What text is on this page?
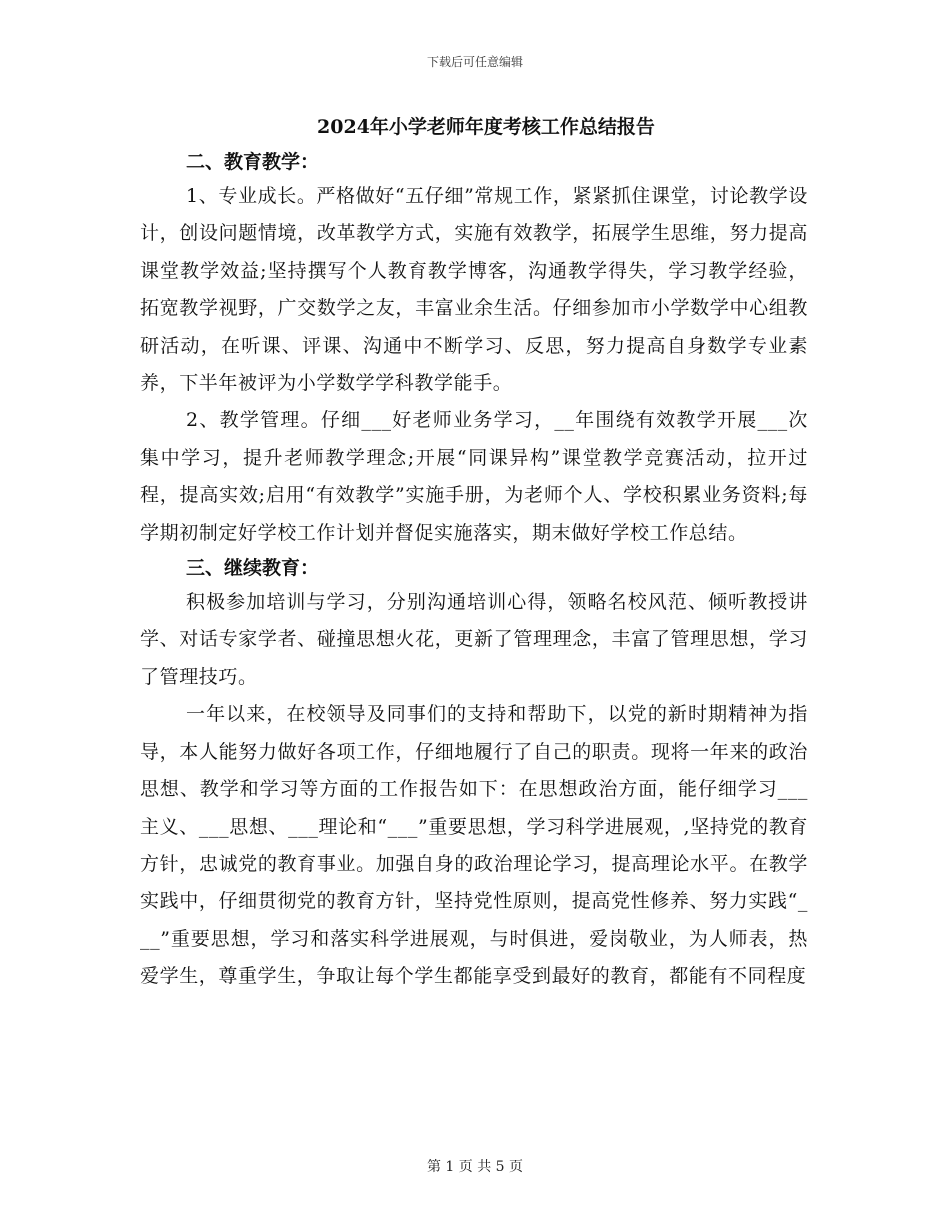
下载后可任意编辑
2024年小学老师年度考核工作总结报告
二、教育教学：

1、专业成长。严格做好“五仔细”常规工作，紧紧抓住课堂，讨论教学设计，创设问题情境，改革教学方式，实施有效教学，拓展学生思维，努力提高课堂教学效益;坚持撰写个人教育教学博客，沟通教学得失，学习教学经验，拓宽教学视野，广交数学之友，丰富业余生活。仔细参加市小学数学中心组教研活动，在听课、评课、沟通中不断学习、反思，努力提高自身数学专业素养，下半年被评为小学数学学科教学能手。

2、教学管理。仔细___好老师业务学习，__年围绕有效教学开展___次集中学习，提升老师教学理念;开展“同课异构”课堂教学竞赛活动，拉开过程，提高实效;启用“有效教学”实施手册，为老师个人、学校积累业务资料;每学期初制定好学校工作计划并督促实施落实，期末做好学校工作总结。

三、继续教育：

积极参加培训与学习，分别沟通培训心得，领略名校风范、倾听教授讲学、对话专家学者、碰撞思想火花，更新了管理理念，丰富了管理思想，学习了管理技巧。

一年以来，在校领导及同事们的支持和帮助下，以党的新时期精神为指导，本人能努力做好各项工作，仔细地履行了自己的职责。现将一年来的政治思想、教学和学习等方面的工作报告如下：在思想政治方面，能仔细学习___主义、___思想、___理论和“___”重要思想，学习科学进展观，,坚持党的教育方针，忠诚党的教育事业。加强自身的政治理论学习，提高理论水平。在教学实践中，仔细贯彻党的教育方针，坚持党性原则，提高党性修养、努力实践“___”重要思想，学习和落实科学进展观，与时俱进，爱岗敬业，为人师表，热爱学生，尊重学生，争取让每个学生都能享受到最好的教育，都能有不同程度

第 1 页 共 5 页
